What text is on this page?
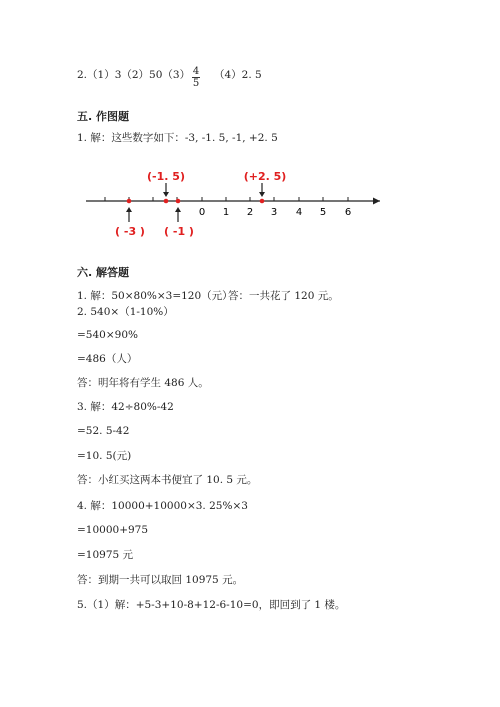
2.（1）3（2）50（3） 4
5
（4）2. 5
五. 作图题
1. 解：这些数字如下：-3, -1. 5, -1, +2. 5
0 1 2 3 4 5 6
(-1. 5)	(+2. 5)
( -3 ) ( -1 )
六. 解答题
1. 解：50×80%×3=120（元）
答：一共花了 120 元。
2. 540×（1-10%）
=540×90%
=486（人）
答：明年将有学生 486 人。
3. 解：42÷80%-42
=52. 5-42
=10. 5(元)
答：小红买这两本书便宜了 10. 5 元。
4. 解：10000+10000×3. 25%×3
=10000+975
=10975 元
答：到期一共可以取回 10975 元。
5.（1）解：+5-3+10-8+12-6-10=0，即回到了 1 楼。
